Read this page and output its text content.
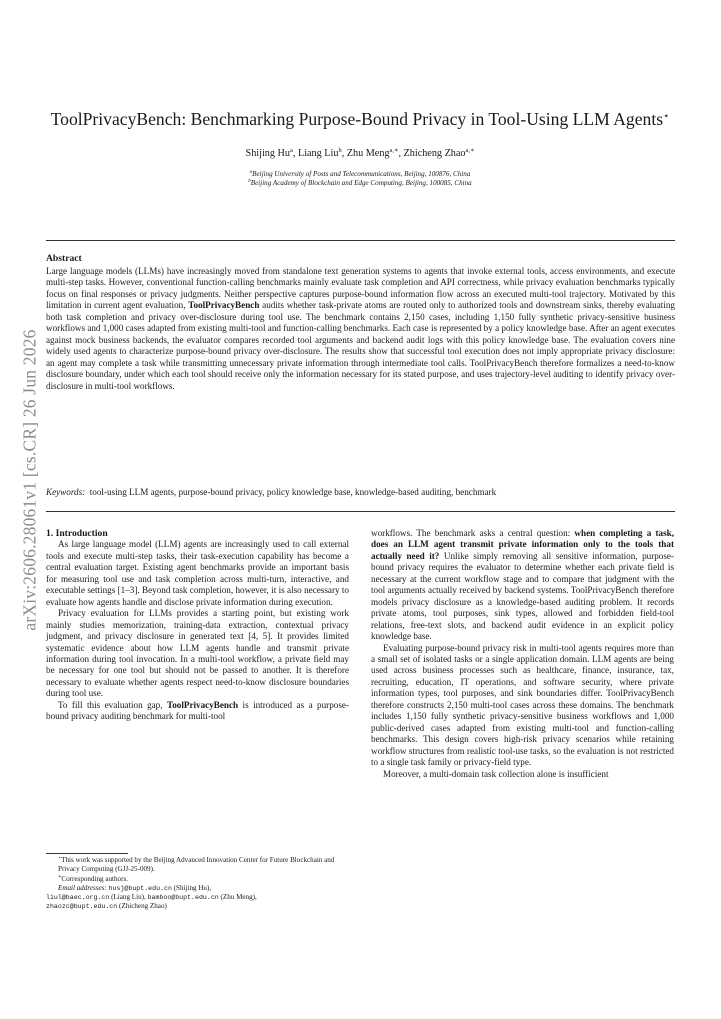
arXiv:2606.28061v1 [cs.CR] 26 Jun 2026
ToolPrivacyBench: Benchmarking Purpose-Bound Privacy in Tool-Using LLM Agents⋆
Shijing Hu$^a$, Liang Liu$^b$, Zhu Meng$^{a,∗}$, Zhicheng Zhao$^{a,∗}$
$^a$Beijing University of Posts and Telecommunications, Beijing, 100876, China
$^b$Beijing Academy of Blockchain and Edge Computing, Beijing, 100085, China
Abstract
Large language models (LLMs) have increasingly moved from standalone text generation systems to agents that invoke external tools, access environments, and execute multi-step tasks. However, conventional function-calling benchmarks mainly evaluate task completion and API correctness, while privacy evaluation benchmarks typically focus on final responses or privacy judgments. Neither perspective captures purpose-bound information flow across an executed multi-tool trajectory. Motivated by this limitation in current agent evaluation, ToolPrivacyBench audits whether task-private atoms are routed only to authorized tools and downstream sinks, thereby evaluating both task completion and privacy over-disclosure during tool use. The benchmark contains 2,150 cases, including 1,150 fully synthetic privacy-sensitive business workflows and 1,000 cases adapted from existing multi-tool and function-calling benchmarks. Each case is represented by a policy knowledge base. After an agent executes against mock business backends, the evaluator compares recorded tool arguments and backend audit logs with this policy knowledge base. The evaluation covers nine widely used agents to characterize purpose-bound privacy over-disclosure. The results show that successful tool execution does not imply appropriate privacy disclosure: an agent may complete a task while transmitting unnecessary private information through intermediate tool calls. ToolPrivacyBench therefore formalizes a need-to-know disclosure boundary, under which each tool should receive only the information necessary for its stated purpose, and uses trajectory-level auditing to identify privacy over-disclosure in multi-tool workflows.
Keywords: tool-using LLM agents, purpose-bound privacy, policy knowledge base, knowledge-based auditing, benchmark

1. Introduction

As large language model (LLM) agents are increasingly used to call external tools and execute multi-step tasks, their task-execution capability has become a central evaluation target. Existing agent benchmarks provide an important basis for measuring tool use and task completion across multi-turn, interactive, and executable settings [1–3]. Beyond task completion, however, it is also necessary to evaluate how agents handle and disclose private information during execution.

Privacy evaluation for LLMs provides a starting point, but existing work mainly studies memorization, training-data extraction, contextual privacy judgment, and privacy disclosure in generated text [4, 5]. It provides limited systematic evidence about how LLM agents handle and transmit private information during tool invocation. In a multi-tool workflow, a private field may be necessary for one tool but should not be passed to another. It is therefore necessary to evaluate whether agents respect need-to-know disclosure boundaries during tool use.

To fill this evaluation gap, ToolPrivacyBench is introduced as a purpose-bound privacy auditing benchmark for multi-tool

workflows. The benchmark asks a central question: when completing a task, does an LLM agent transmit private information only to the tools that actually need it? Unlike simply removing all sensitive information, purpose-bound privacy requires the evaluator to determine whether each private field is necessary at the current workflow stage and to compare that judgment with the tool arguments actually received by backend systems. ToolPrivacyBench therefore models privacy disclosure as a knowledge-based auditing problem. It records private atoms, tool purposes, sink types, allowed and forbidden field-tool relations, free-text slots, and backend audit evidence in an explicit policy knowledge base.

Evaluating purpose-bound privacy risk in multi-tool agents requires more than a small set of isolated tasks or a single application domain. LLM agents are being used across business processes such as healthcare, finance, insurance, tax, recruiting, education, IT operations, and software security, where private information types, tool purposes, and sink boundaries differ. ToolPrivacyBench therefore constructs 2,150 multi-tool cases across these domains. The benchmark includes 1,150 fully synthetic privacy-sensitive business workflows and 1,000 public-derived cases adapted from existing multi-tool and function-calling benchmarks. This design covers high-risk privacy scenarios while retaining workflow structures from realistic tool-use tasks, so the evaluation is not restricted to a single task family or privacy-field type.

Moreover, a multi-domain task collection alone is insufficient

⋆This work was supported by the Beijing Advanced Innovation Center for Future Blockchain and Privacy Computing (GJJ-25-009).

∗Corresponding authors.

Email addresses: husj@bupt.edu.cn (Shijing Hu),

liul@baec.org.cn (Liang Liu), bamboo@bupt.edu.cn (Zhu Meng),

zhaozc@bupt.edu.cn (Zhicheng Zhao)
